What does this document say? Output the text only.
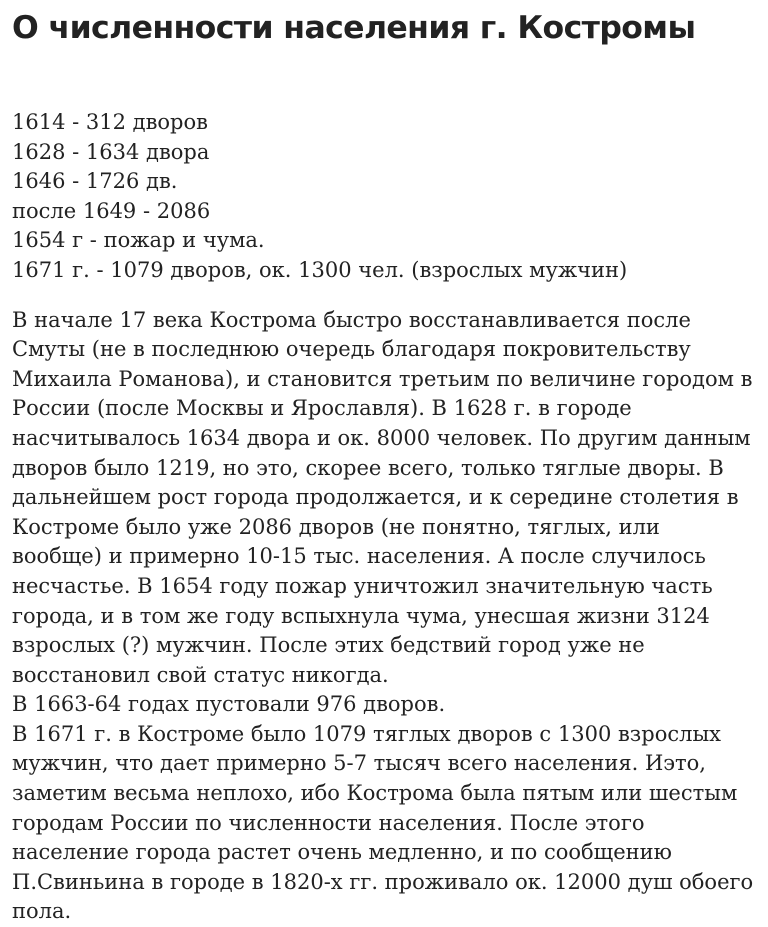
О численности населения г. Костромы
1614 - 312 дворов
1628 - 1634 двора
1646 - 1726 дв.
после 1649 - 2086
1654 г - пожар и чума.
1671 г. - 1079 дворов, ок. 1300 чел. (взрослых мужчин)

В начале 17 века Кострома быстро восстанавливается после Смуты (не в последнюю очередь благодаря покровительству Михаила Романова), и становится третьим по величине городом в России (после Москвы и Ярославля). В 1628 г. в городе насчитывалось 1634 двора и ок. 8000 человек. По другим данным дворов было 1219, но это, скорее всего, только тяглые дворы. В дальнейшем рост города продолжается, и к середине столетия в Костроме было уже 2086 дворов (не понятно, тяглых, или вообще) и примерно 10-15 тыс. населения. А после случилось несчастье. В 1654 году пожар уничтожил значительную часть города, и в том же году вспыхнула чума, унесшая жизни 3124 взрослых (?) мужчин. После этих бедствий город уже не восстановил свой статус никогда.

В 1663-64 годах пустовали 976 дворов.

В 1671 г. в Костроме было 1079 тяглых дворов с 1300 взрослых мужчин, что дает примерно 5-7 тысяч всего населения. Иэто, заметим весьма неплохо, ибо Кострома была пятым или шестым городам России по численности населения. После этого население города растет очень медленно, и по сообщению П.Свиньина в городе в 1820-х гг. проживало ок. 12000 душ обоего пола.
